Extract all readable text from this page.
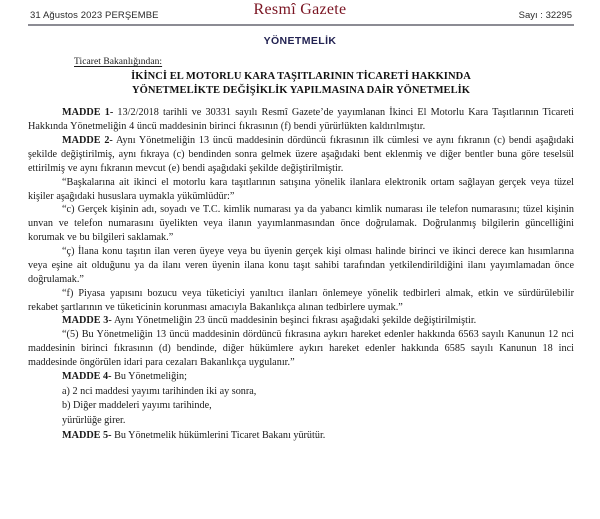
31 Ağustos 2023 PERŞEMBE	Resmî Gazete	Sayı : 32295
YÖNETMELİK
Ticaret Bakanlığından:
İKİNCİ EL MOTORLU KARA TAŞITLARININ TİCARETİ HAKKINDA
YÖNETMELİKTE DEĞİŞİKLİK YAPILMASINA DAİR YÖNETMELİK

MADDE 1- 13/2/2018 tarihli ve 30331 sayılı Resmî Gazete’de yayımlanan İkinci El Motorlu Kara Taşıtlarının Ticareti Hakkında Yönetmeliğin 4 üncü maddesinin birinci fıkrasının (f) bendi yürürlükten kaldırılmıştır.

MADDE 2- Aynı Yönetmeliğin 13 üncü maddesinin dördüncü fıkrasının ilk cümlesi ve aynı fıkranın (c) bendi aşağıdaki şekilde değiştirilmiş, aynı fıkraya (c) bendinden sonra gelmek üzere aşağıdaki bent eklenmiş ve diğer bentler buna göre teselsül ettirilmiş ve aynı fıkranın mevcut (e) bendi aşağıdaki şekilde değiştirilmiştir.

“Başkalarına ait ikinci el motorlu kara taşıtlarının satışına yönelik ilanlara elektronik ortam sağlayan gerçek veya tüzel kişiler aşağıdaki hususlara uymakla yükümlüdür:”

“c) Gerçek kişinin adı, soyadı ve T.C. kimlik numarası ya da yabancı kimlik numarası ile telefon numarasını; tüzel kişinin unvan ve telefon numarasını üyelikten veya ilanın yayımlanmasından önce doğrulamak. Doğrulanmış bilgilerin güncelliğini korumak ve bu bilgileri saklamak.”

“ç) İlana konu taşıtın ilan veren üyeye veya bu üyenin gerçek kişi olması halinde birinci ve ikinci derece kan hısımlarına veya eşine ait olduğunu ya da ilanı veren üyenin ilana konu taşıt sahibi tarafından yetkilendirildiğini ilanı yayımlamadan önce doğrulamak.”

“f) Piyasa yapısını bozucu veya tüketiciyi yanıltıcı ilanları önlemeye yönelik tedbirleri almak, etkin ve sürdürülebilir rekabet şartlarının ve tüketicinin korunması amacıyla Bakanlıkça alınan tedbirlere uymak.”

MADDE 3- Aynı Yönetmeliğin 23 üncü maddesinin beşinci fıkrası aşağıdaki şekilde değiştirilmiştir.

“(5) Bu Yönetmeliğin 13 üncü maddesinin dördüncü fıkrasına aykırı hareket edenler hakkında 6563 sayılı Kanunun 12 nci maddesinin birinci fıkrasının (d) bendinde, diğer hükümlere aykırı hareket edenler hakkında 6585 sayılı Kanunun 18 inci maddesinde öngörülen idari para cezaları Bakanlıkça uygulanır.”

MADDE 4- Bu Yönetmeliğin;

a) 2 nci maddesi yayımı tarihinden iki ay sonra,

b) Diğer maddeleri yayımı tarihinde,

yürürlüğe girer.

MADDE 5- Bu Yönetmelik hükümlerini Ticaret Bakanı yürütür.
